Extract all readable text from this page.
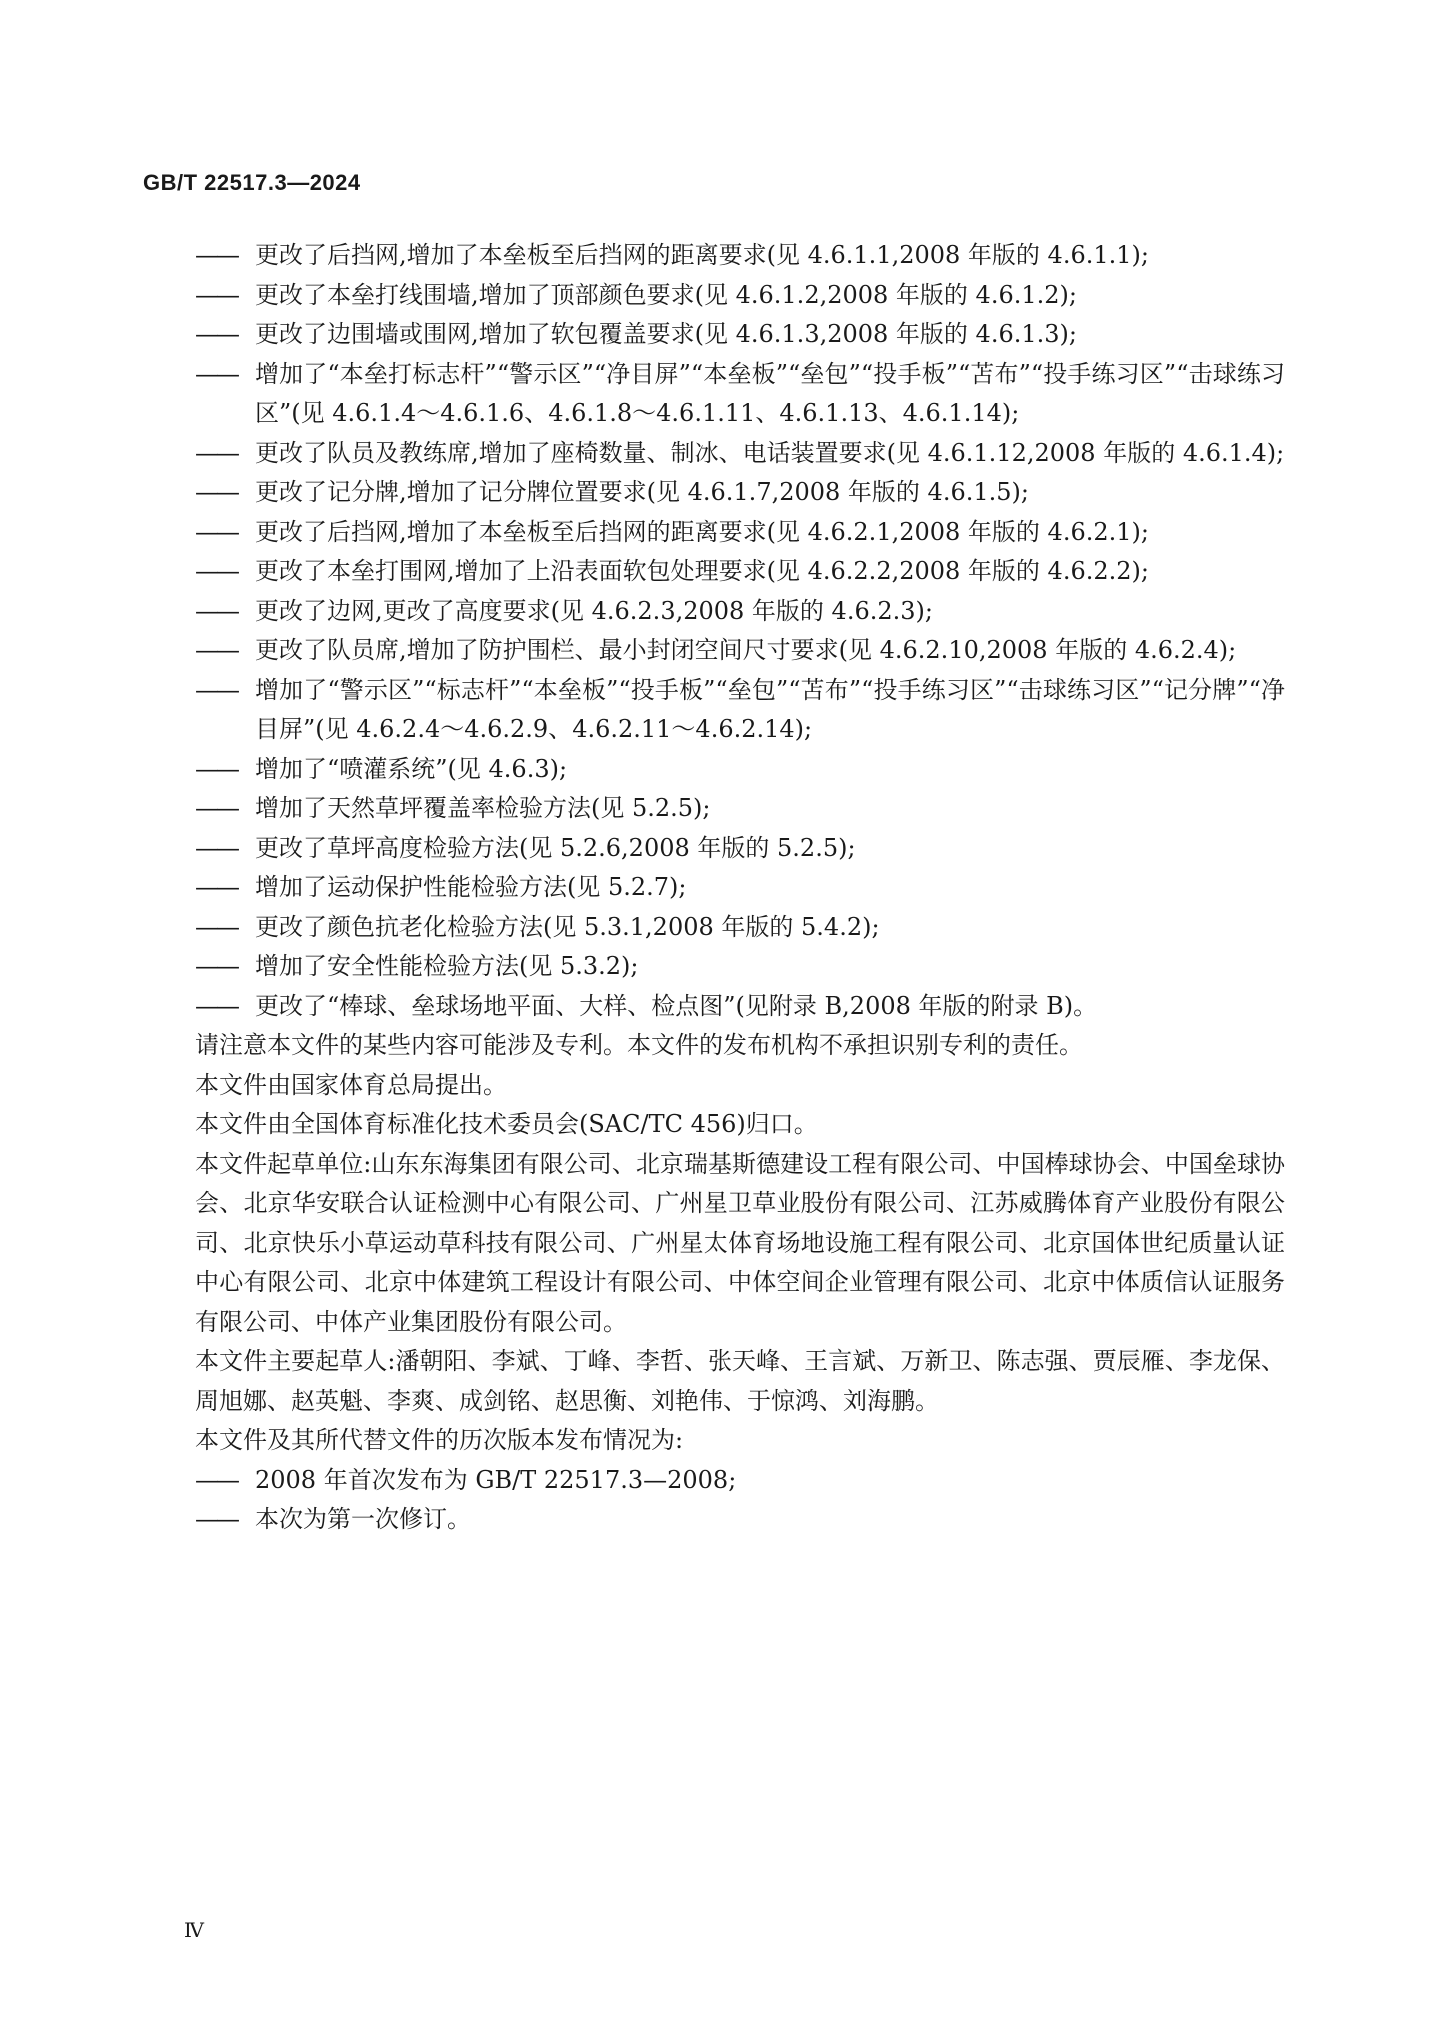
GB/T 22517.3—2024
—— 更改了后挡网,增加了本垒板至后挡网的距离要求(见 4.6.1.1,2008 年版的 4.6.1.1);
—— 更改了本垒打线围墙,增加了顶部颜色要求(见 4.6.1.2,2008 年版的 4.6.1.2);
—— 更改了边围墙或围网,增加了软包覆盖要求(见 4.6.1.3,2008 年版的 4.6.1.3);
—— 增加了“本垒打标志杆”“警示区”“净目屏”“本垒板”“垒包”“投手板”“苫布”“投手练习区”“击球练习区”(见 4.6.1.4～4.6.1.6、4.6.1.8～4.6.1.11、4.6.1.13、4.6.1.14);
—— 更改了队员及教练席,增加了座椅数量、制冰、电话装置要求(见 4.6.1.12,2008 年版的 4.6.1.4);
—— 更改了记分牌,增加了记分牌位置要求(见 4.6.1.7,2008 年版的 4.6.1.5);
—— 更改了后挡网,增加了本垒板至后挡网的距离要求(见 4.6.2.1,2008 年版的 4.6.2.1);
—— 更改了本垒打围网,增加了上沿表面软包处理要求(见 4.6.2.2,2008 年版的 4.6.2.2);
—— 更改了边网,更改了高度要求(见 4.6.2.3,2008 年版的 4.6.2.3);
—— 更改了队员席,增加了防护围栏、最小封闭空间尺寸要求(见 4.6.2.10,2008 年版的 4.6.2.4);
—— 增加了“警示区”“标志杆”“本垒板”“投手板”“垒包”“苫布”“投手练习区”“击球练习区”“记分牌”“净目屏”(见 4.6.2.4～4.6.2.9、4.6.2.11～4.6.2.14);
—— 增加了“喷灌系统”(见 4.6.3);
—— 增加了天然草坪覆盖率检验方法(见 5.2.5);
—— 更改了草坪高度检验方法(见 5.2.6,2008 年版的 5.2.5);
—— 增加了运动保护性能检验方法(见 5.2.7);
—— 更改了颜色抗老化检验方法(见 5.3.1,2008 年版的 5.4.2);
—— 增加了安全性能检验方法(见 5.3.2);
—— 更改了“棒球、垒球场地平面、大样、检点图”(见附录 B,2008 年版的附录 B)。
请注意本文件的某些内容可能涉及专利。本文件的发布机构不承担识别专利的责任。
本文件由国家体育总局提出。
本文件由全国体育标准化技术委员会(SAC/TC 456)归口。
本文件起草单位:山东东海集团有限公司、北京瑞基斯德建设工程有限公司、中国棒球协会、中国垒球协会、北京华安联合认证检测中心有限公司、广州星卫草业股份有限公司、江苏威腾体育产业股份有限公司、北京快乐小草运动草科技有限公司、广州星太体育场地设施工程有限公司、北京国体世纪质量认证中心有限公司、北京中体建筑工程设计有限公司、中体空间企业管理有限公司、北京中体质信认证服务有限公司、中体产业集团股份有限公司。
本文件主要起草人:潘朝阳、李斌、丁峰、李哲、张天峰、王言斌、万新卫、陈志强、贾辰雁、李龙保、周旭娜、赵英魁、李爽、成剑铭、赵思衡、刘艳伟、于惊鸿、刘海鹏。
本文件及其所代替文件的历次版本发布情况为:
—— 2008 年首次发布为 GB/T 22517.3—2008;
—— 本次为第一次修订。
Ⅳ
